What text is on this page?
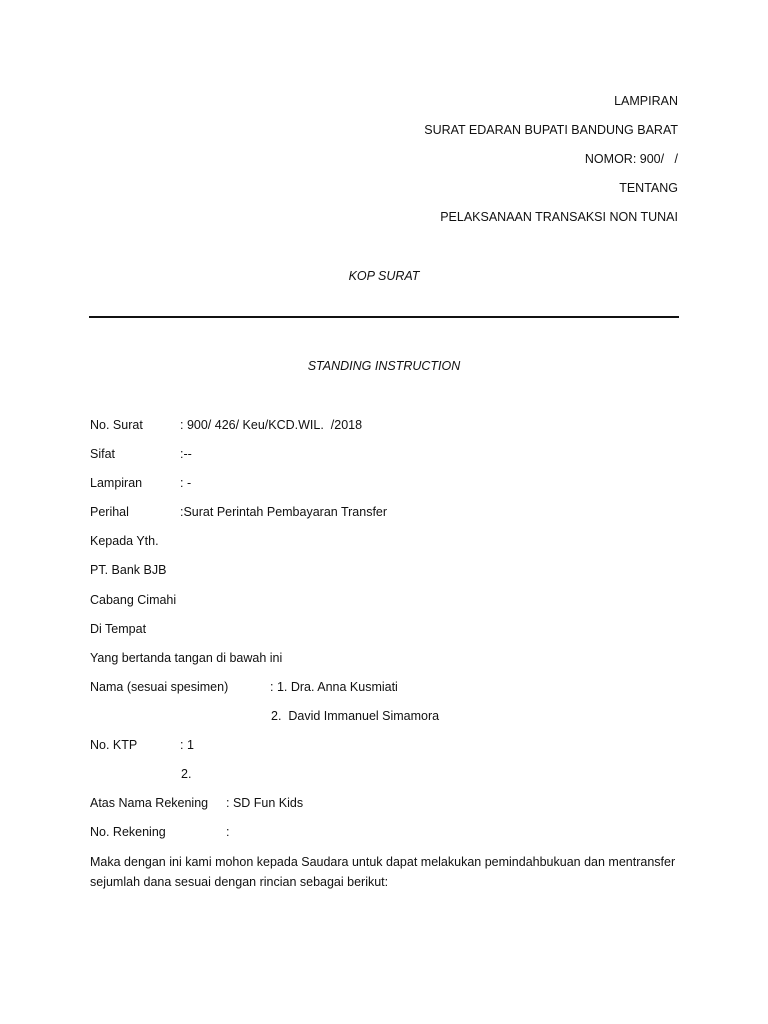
LAMPIRAN
SURAT EDARAN BUPATI BANDUNG BARAT
NOMOR: 900/   /
TENTANG
PELAKSANAAN TRANSAKSI NON TUNAI
KOP SURAT
STANDING INSTRUCTION
No. Surat	: 900/ 426/ Keu/KCD.WIL.  /2018
Sifat	:--
Lampiran	: -
Perihal	:Surat Perintah Pembayaran Transfer
Kepada Yth.
PT. Bank BJB
Cabang Cimahi
Di Tempat
Yang bertanda tangan di bawah ini
Nama (sesuai spesimen)	: 1. Dra. Anna Kusmiati
2.  David Immanuel Simamora
No. KTP	: 1
2.
Atas Nama Rekening : SD Fun Kids
No. Rekening	:
Maka dengan ini kami mohon kepada Saudara untuk dapat melakukan pemindahbukuan dan mentransfer sejumlah dana sesuai dengan rincian sebagai berikut:
